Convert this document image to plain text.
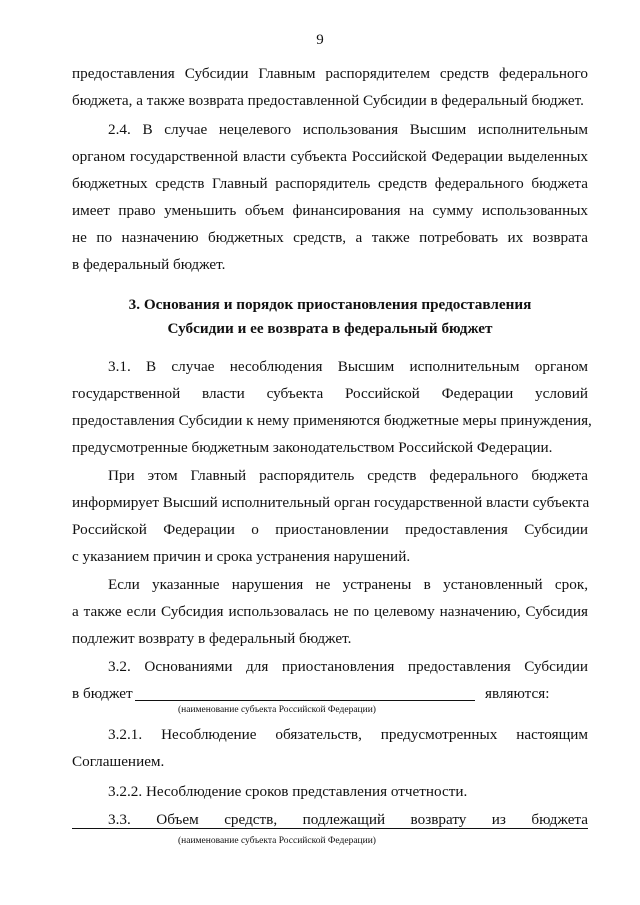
9
предоставления Субсидии Главным распорядителем средств федерального
бюджета, а также возврата предоставленной Субсидии в федеральный бюджет.
2.4. В случае нецелевого использования Высшим исполнительным
органом государственной власти субъекта Российской Федерации выделенных
бюджетных средств Главный распорядитель средств федерального бюджета
имеет право уменьшить объем финансирования на сумму использованных
не по назначению бюджетных средств, а также потребовать их возврата
в федеральный бюджет.
3. Основания и порядок приостановления предоставления
Субсидии и ее возврата в федеральный бюджет
3.1. В случае несоблюдения Высшим исполнительным органом
государственной власти субъекта Российской Федерации условий
предоставления Субсидии к нему применяются бюджетные меры принуждения,
предусмотренные бюджетным законодательством Российской Федерации.
При этом Главный распорядитель средств федерального бюджета
информирует Высший исполнительный орган государственной власти субъекта
Российской Федерации о приостановлении предоставления Субсидии
с указанием причин и срока устранения нарушений.
Если указанные нарушения не устранены в установленный срок,
а также если Субсидия использовалась не по целевому назначению, Субсидия
подлежит возврату в федеральный бюджет.
3.2. Основаниями для приостановления предоставления Субсидии
в бюджет	являются:
(наименование субъекта Российской Федерации)
3.2.1. Несоблюдение обязательств, предусмотренных настоящим
Соглашением.
3.2.2. Несоблюдение сроков представления отчетности.
3.3. Объем средств, подлежащий возврату из бюджета
(наименование субъекта Российской Федерации)
